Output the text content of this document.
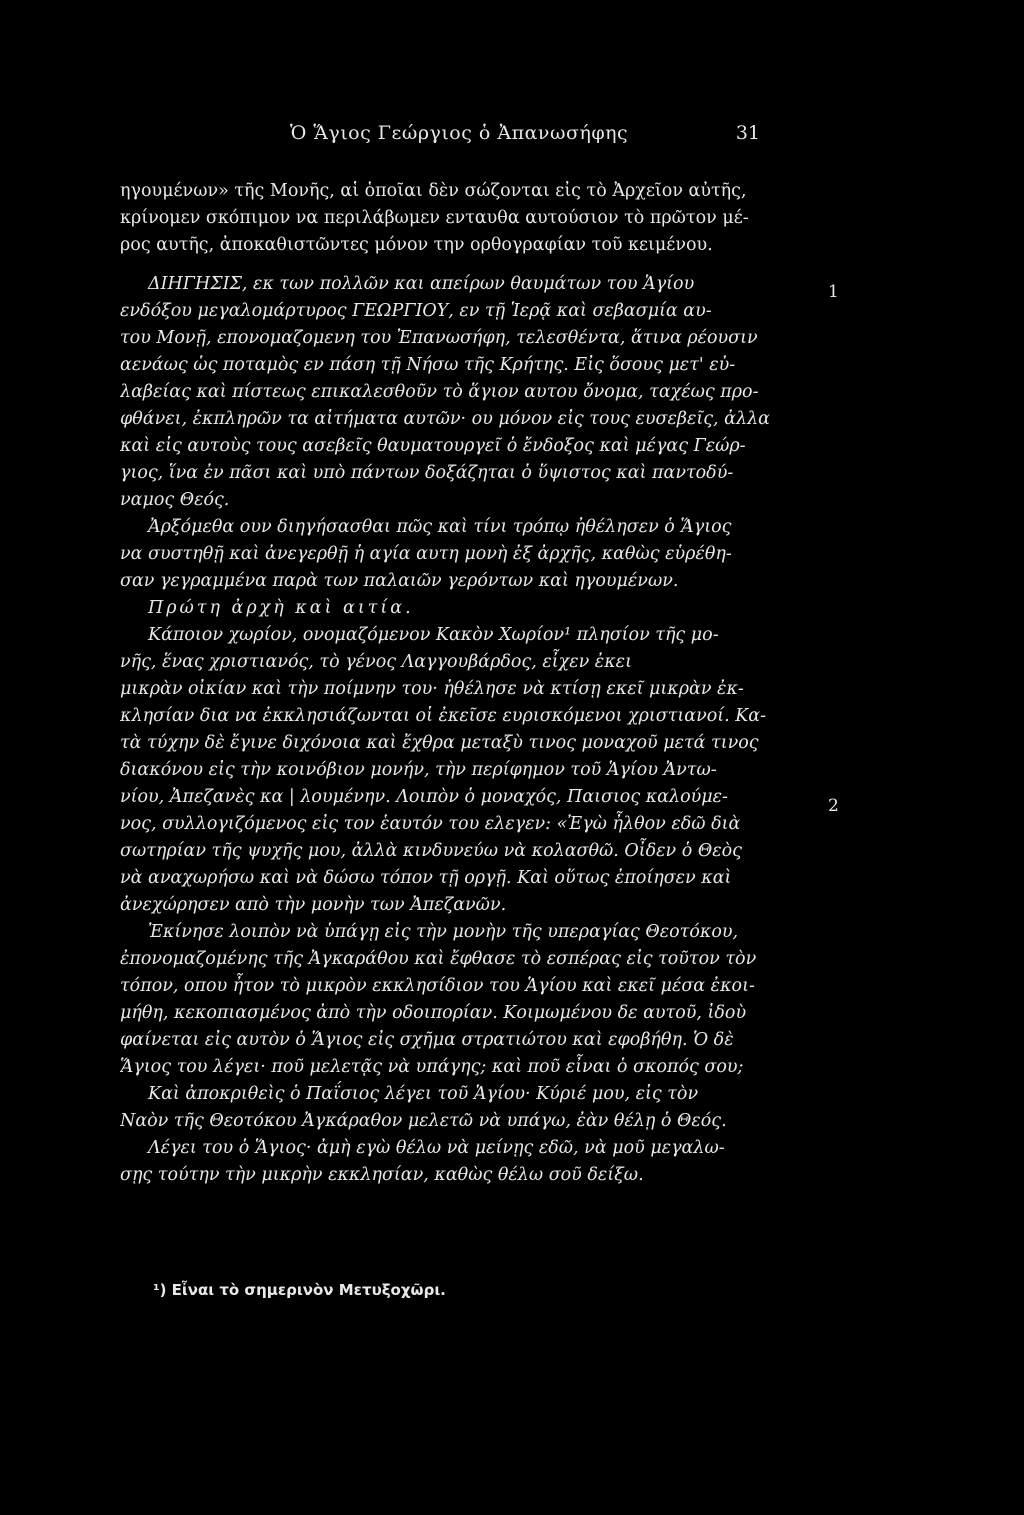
Ὁ Ἅγιος Γεώργιος ὁ Ἀπανωσήφης	31
ηγουμένων» τῆς Μονῆς, αἱ ὁποῖαι δὲν σώζονται εἰς τὸ Ἀρχεῖον αὐτῆς,
κρίνομεν σκόπιμον να περιλάβωμεν ενταυθα αυτούσιον τὸ πρῶτον μέ-
ρος αυτῆς, ἀποκαθιστῶντες μόνον την ορθογραφίαν τοῦ κειμένου.
ΔΙΗΓΗΣΙΣ, εκ των πολλῶν και απείρων θαυμάτων του Ἁγίου
ενδόξου μεγαλομάρτυρος ΓΕΩΡΓΙΟΥ, εν τῇ Ἱερᾷ καὶ σεβασμία αυ-
του Μονῇ, επονομαζομενη του Ἐπανωσήφη, τελεσθέντα, ἅτινα ρέουσιν
αενάως ὡς ποταμὸς εν πάση τῇ Νήσω τῆς Κρήτης. Εἰς ὅσους μετ' εὐ-
λαβείας καὶ πίστεως επικαλεσθοῦν τὸ ἅγιον αυτου ὄνομα, ταχέως προ-
φθάνει, ἐκπληρῶν τα αἰτήματα αυτῶν· ου μόνον εἰς τους ευσεβεῖς, ἀλλα
καὶ εἰς αυτοὺς τους ασεβεῖς θαυματουργεῖ ὁ ἔνδοξος καὶ μέγας Γεώρ-
γιος, ἵνα ἐν πᾶσι καὶ υπὸ πάντων δοξάζηται ὁ ὕψιστος καὶ παντοδύ-
ναμος Θεός.
Ἀρξόμεθα ουν διηγήσασθαι πῶς καὶ τίνι τρόπῳ ἠθέλησεν ὁ Ἅγιος
να συστηθῇ καὶ ἀνεγερθῇ ἡ αγία αυτη μονὴ ἐξ ἀρχῆς, καθὼς εὑρέθη-
σαν γεγραμμένα παρὰ των παλαιῶν γερόντων καὶ ηγουμένων.
Πρώτη ἀρχὴ καὶ αιτία.
Κάποιον χωρίον, ονομαζόμενον Κακὸν Χωρίον¹ πλησίον τῆς μο-
νῆς, ἕνας χριστιανός, τὸ γένος Λαγγουβάρδος, εἶχεν ἐκει
μικρὰν οἰκίαν καὶ τὴν ποίμνην του· ἠθέλησε νὰ κτίσῃ εκεῖ μικρὰν ἐκ-
κλησίαν δια να ἐκκλησιάζωνται οἱ ἐκεῖσε ευρισκόμενοι χριστιανοί. Κα-
τὰ τύχην δὲ ἔγινε διχόνοια καὶ ἔχθρα μεταξὺ τινος μοναχοῦ μετά τινος
διακόνου εἰς τὴν κοινόβιον μονήν, τὴν περίφημον τοῦ Ἁγίου Ἀντω-
νίου, Ἀπεζανὲς κα | λουμένην. Λοιπὸν ὁ μοναχός, Παισιος καλούμε-
νος, συλλογιζόμενος εἰς τον ἑαυτόν του ελεγεν: «Ἐγὼ ἦλθον εδῶ διὰ
σωτηρίαν τῆς ψυχῆς μου, ἀλλὰ κινδυνεύω νὰ κολασθῶ. Οἶδεν ὁ Θεὸς
νὰ αναχωρήσω καὶ νὰ δώσω τόπον τῇ οργῇ. Καὶ οὕτως ἐποίησεν καὶ
ἀνεχώρησεν απὸ τὴν μονὴν των Ἀπεζανῶν.
Ἐκίνησε λοιπὸν νὰ ὑπάγῃ εἰς τὴν μονὴν τῆς υπεραγίας Θεοτόκου,
ἐπονομαζομένης τῆς Ἀγκαράθου καὶ ἔφθασε τὸ εσπέρας εἰς τοῦτον τὸν
τόπον, οπου ἦτον τὸ μικρὸν εκκλησίδιον του Ἁγίου καὶ εκεῖ μέσα ἐκοι-
μήθη, κεκοπιασμένος ἀπὸ τὴν οδοιπορίαν. Κοιμωμένου δε αυτοῦ, ἰδοὺ
φαίνεται εἰς αυτὸν ὁ Ἅγιος εἰς σχῆμα στρατιώτου καὶ εφοβήθη. Ὁ δὲ
Ἅγιος του λέγει· ποῦ μελετᾷς νὰ υπάγης; καὶ ποῦ εἶναι ὁ σκοπός σου;
Καὶ ἀποκριθεὶς ὁ Παΐσιος λέγει τοῦ Ἁγίου· Κύριέ μου, εἰς τὸν
Ναὸν τῆς Θεοτόκου Ἀγκάραθον μελετῶ νὰ υπάγω, ἐὰν θέλῃ ὁ Θεός.
Λέγει του ὁ Ἅγιος· ἀμὴ εγὼ θέλω νὰ μείνῃς εδῶ, νὰ μοῦ μεγαλω-
σῃς τούτην τὴν μικρὴν εκκλησίαν, καθὼς θέλω σοῦ δείξω.
1
2
¹) Εἶναι τὸ σημερινὸν Μετυξοχῶρι.
